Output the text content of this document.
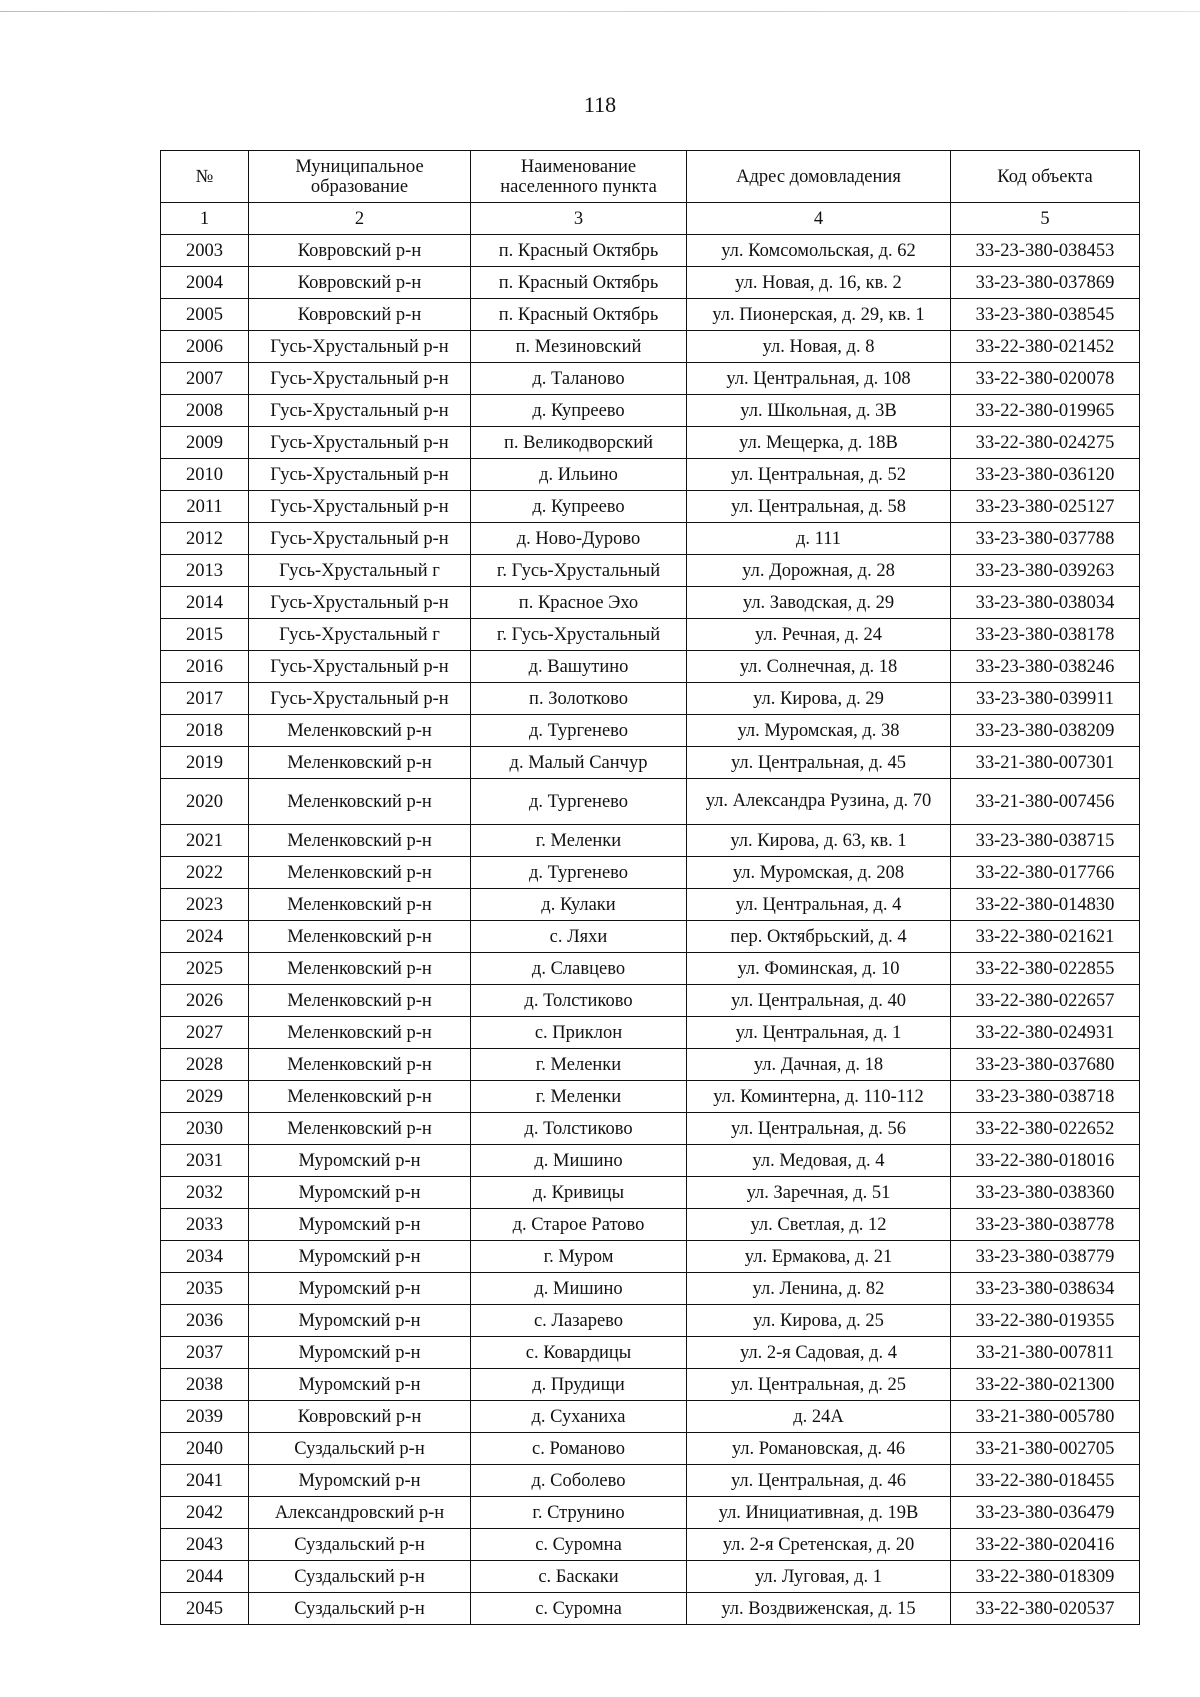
118
№	Муниципальное образование	Наименование населенного пункта	Адрес домовладения	Код объекта
1	2	3	4	5
2003	Ковровский р-н	п. Красный Октябрь	ул. Комсомольская, д. 62	33-23-380-038453
2004	Ковровский р-н	п. Красный Октябрь	ул. Новая, д. 16, кв. 2	33-23-380-037869
2005	Ковровский р-н	п. Красный Октябрь	ул. Пионерская, д. 29, кв. 1	33-23-380-038545
2006	Гусь-Хрустальный р-н	п. Мезиновский	ул. Новая, д. 8	33-22-380-021452
2007	Гусь-Хрустальный р-н	д. Таланово	ул. Центральная, д. 108	33-22-380-020078
2008	Гусь-Хрустальный р-н	д. Купреево	ул. Школьная, д. 3В	33-22-380-019965
2009	Гусь-Хрустальный р-н	п. Великодворский	ул. Мещерка, д. 18В	33-22-380-024275
2010	Гусь-Хрустальный р-н	д. Ильино	ул. Центральная, д. 52	33-23-380-036120
2011	Гусь-Хрустальный р-н	д. Купреево	ул. Центральная, д. 58	33-23-380-025127
2012	Гусь-Хрустальный р-н	д. Ново-Дурово	д. 111	33-23-380-037788
2013	Гусь-Хрустальный г	г. Гусь-Хрустальный	ул. Дорожная, д. 28	33-23-380-039263
2014	Гусь-Хрустальный р-н	п. Красное Эхо	ул. Заводская, д. 29	33-23-380-038034
2015	Гусь-Хрустальный г	г. Гусь-Хрустальный	ул. Речная, д. 24	33-23-380-038178
2016	Гусь-Хрустальный р-н	д. Вашутино	ул. Солнечная, д. 18	33-23-380-038246
2017	Гусь-Хрустальный р-н	п. Золотково	ул. Кирова, д. 29	33-23-380-039911
2018	Меленковский р-н	д. Тургенево	ул. Муромская, д. 38	33-23-380-038209
2019	Меленковский р-н	д. Малый Санчур	ул. Центральная, д. 45	33-21-380-007301
2020	Меленковский р-н	д. Тургенево	ул. Александра Рузина, д. 70	33-21-380-007456
2021	Меленковский р-н	г. Меленки	ул. Кирова, д. 63, кв. 1	33-23-380-038715
2022	Меленковский р-н	д. Тургенево	ул. Муромская, д. 208	33-22-380-017766
2023	Меленковский р-н	д. Кулаки	ул. Центральная, д. 4	33-22-380-014830
2024	Меленковский р-н	с. Ляхи	пер. Октябрьский, д. 4	33-22-380-021621
2025	Меленковский р-н	д. Славцево	ул. Фоминская, д. 10	33-22-380-022855
2026	Меленковский р-н	д. Толстиково	ул. Центральная, д. 40	33-22-380-022657
2027	Меленковский р-н	с. Приклон	ул. Центральная, д. 1	33-22-380-024931
2028	Меленковский р-н	г. Меленки	ул. Дачная, д. 18	33-23-380-037680
2029	Меленковский р-н	г. Меленки	ул. Коминтерна, д. 110-112	33-23-380-038718
2030	Меленковский р-н	д. Толстиково	ул. Центральная, д. 56	33-22-380-022652
2031	Муромский р-н	д. Мишино	ул. Медовая, д. 4	33-22-380-018016
2032	Муромский р-н	д. Кривицы	ул. Заречная, д. 51	33-23-380-038360
2033	Муромский р-н	д. Старое Ратово	ул. Светлая, д. 12	33-23-380-038778
2034	Муромский р-н	г. Муром	ул. Ермакова, д. 21	33-23-380-038779
2035	Муромский р-н	д. Мишино	ул. Ленина, д. 82	33-23-380-038634
2036	Муромский р-н	с. Лазарево	ул. Кирова, д. 25	33-22-380-019355
2037	Муромский р-н	с. Ковардицы	ул. 2-я Садовая, д. 4	33-21-380-007811
2038	Муромский р-н	д. Прудищи	ул. Центральная, д. 25	33-22-380-021300
2039	Ковровский р-н	д. Суханиха	д. 24А	33-21-380-005780
2040	Суздальский р-н	с. Романово	ул. Романовская, д. 46	33-21-380-002705
2041	Муромский р-н	д. Соболево	ул. Центральная, д. 46	33-22-380-018455
2042	Александровский р-н	г. Струнино	ул. Инициативная, д. 19В	33-23-380-036479
2043	Суздальский р-н	с. Суромна	ул. 2-я Сретенская, д. 20	33-22-380-020416
2044	Суздальский р-н	с. Баскаки	ул. Луговая, д. 1	33-22-380-018309
2045	Суздальский р-н	с. Суромна	ул. Воздвиженская, д. 15	33-22-380-020537
